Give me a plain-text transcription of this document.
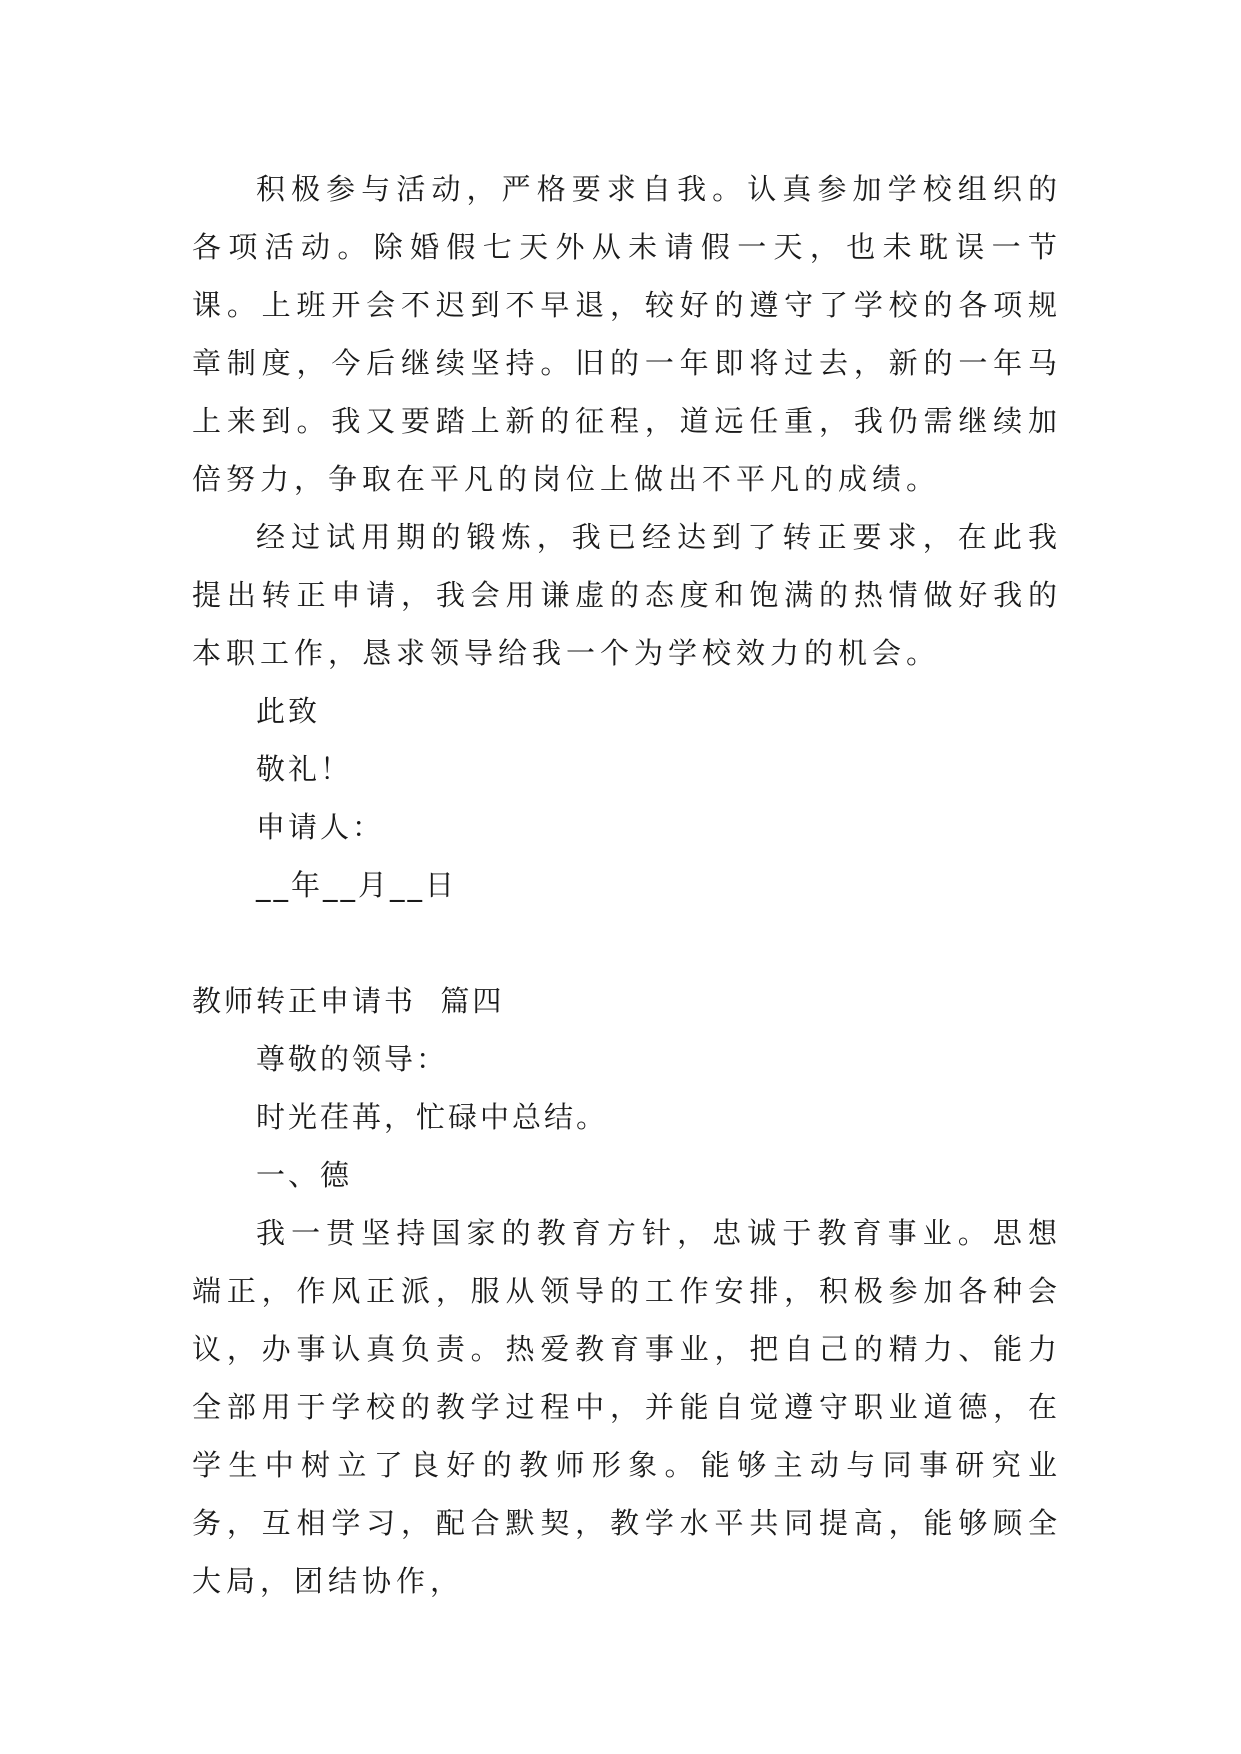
积极参与活动，严格要求自我。认真参加学校组织的各项活动。除婚假七天外从未请假一天，也未耽误一节课。上班开会不迟到不早退，较好的遵守了学校的各项规章制度，今后继续坚持。旧的一年即将过去，新的一年马上来到。我又要踏上新的征程，道远任重，我仍需继续加倍努力，争取在平凡的岗位上做出不平凡的成绩。

经过试用期的锻炼，我已经达到了转正要求，在此我提出转正申请，我会用谦虚的态度和饱满的热情做好我的本职工作，恳求领导给我一个为学校效力的机会。

此致

敬礼！

申请人：

__年__月__日

教师转正申请书  篇四

尊敬的领导：

时光荏苒，忙碌中总结。

一、德

我一贯坚持国家的教育方针，忠诚于教育事业。思想端正，作风正派，服从领导的工作安排，积极参加各种会议，办事认真负责。热爱教育事业，把自己的精力、能力全部用于学校的教学过程中，并能自觉遵守职业道德，在学生中树立了良好的教师形象。能够主动与同事研究业务，互相学习，配合默契，教学水平共同提高，能够顾全大局，团结协作，
